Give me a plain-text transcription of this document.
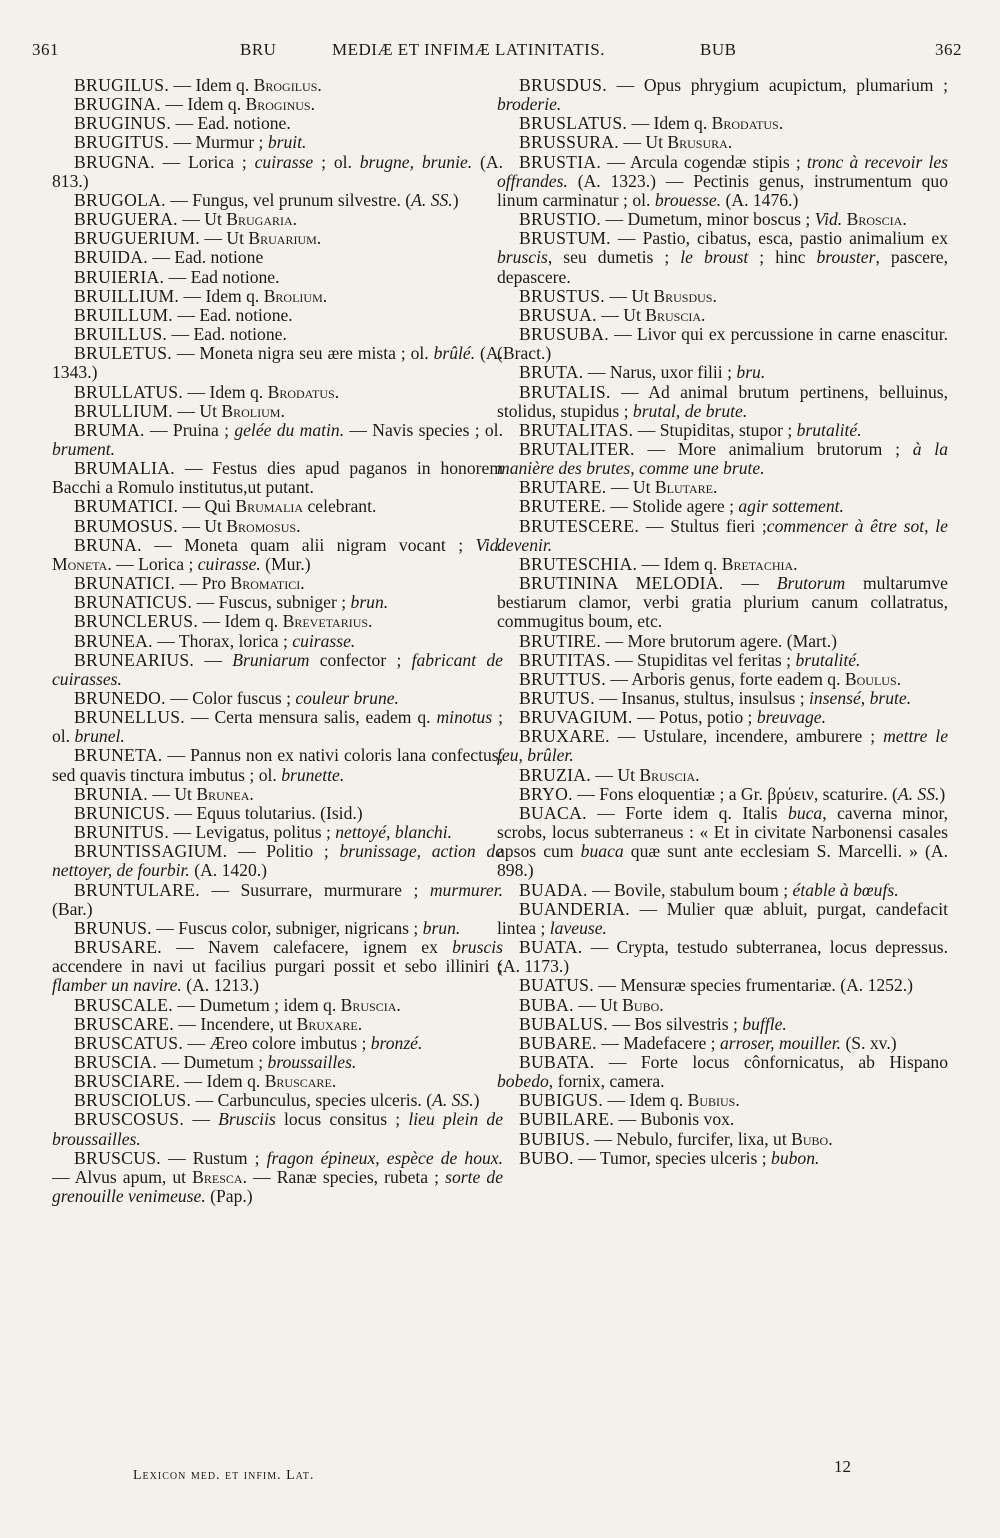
361	BRU	MEDIÆ ET INFIMÆ LATINITATIS.	BUB	362

BRUGILUS. — Idem q. Brogilus.

BRUGINA. — Idem q. Broginus.

BRUGINUS. — Ead. notione.

BRUGITUS. — Murmur ; bruit.

BRUGNA. — Lorica ; cuirasse ; ol. brugne, brunie. (A. 813.)

BRUGOLA. — Fungus, vel prunum silvestre. (A. SS.)

BRUGUERA. — Ut Brugaria.

BRUGUERIUM. — Ut Bruarium.

BRUIDA. — Ead. notione

BRUIERIA. — Ead notione.

BRUILLIUM. — Idem q. Brolium.

BRUILLUM. — Ead. notione.

BRUILLUS. — Ead. notione.

BRULETUS. — Moneta nigra seu ære mista ; ol. brûlé. (A. 1343.)

BRULLATUS. — Idem q. Brodatus.

BRULLIUM. — Ut Brolium.

BRUMA. — Pruina ; gelée du matin. — Navis species ; ol. brument.

BRUMALIA. — Festus dies apud paganos in honorem Bacchi a Romulo institutus,ut putant.

BRUMATICI. — Qui Brumalia celebrant.

BRUMOSUS. — Ut Bromosus.

BRUNA. — Moneta quam alii nigram vocant ; Vid. Moneta. — Lorica ; cuirasse. (Mur.)

BRUNATICI. — Pro Bromatici.

BRUNATICUS. — Fuscus, subniger ; brun.

BRUNCLERUS. — Idem q. Brevetarius.

BRUNEA. — Thorax, lorica ; cuirasse.

BRUNEARIUS. — Bruniarum confector ; fabricant de cuirasses.

BRUNEDO. — Color fuscus ; couleur brune.

BRUNELLUS. — Certa mensura salis, eadem q. minotus ; ol. brunel.

BRUNETA. — Pannus non ex nativi coloris lana confectus, sed quavis tinctura imbutus ; ol. brunette.

BRUNIA. — Ut Brunea.

BRUNICUS. — Equus tolutarius. (Isid.)

BRUNITUS. — Levigatus, politus ; nettoyé, blanchi.

BRUNTISSAGIUM. — Politio ; brunissage, action de nettoyer, de fourbir. (A. 1420.)

BRUNTULARE. — Susurrare, murmurare ; murmurer. (Bar.)

BRUNUS. — Fuscus color, subniger, nigricans ; brun.

BRUSARE. — Navem calefacere, ignem ex bruscis accendere in navi ut facilius purgari possit et sebo illiniri ; flamber un navire. (A. 1213.)

BRUSCALE. — Dumetum ; idem q. Bruscia.

BRUSCARE. — Incendere, ut Bruxare.

BRUSCATUS. — Æreo colore imbutus ; bronzé.

BRUSCIA. — Dumetum ; broussailles.

BRUSCIARE. — Idem q. Bruscare.

BRUSCIOLUS. — Carbunculus, species ulceris. (A. SS.)

BRUSCOSUS. — Brusciis locus consitus ; lieu plein de broussailles.

BRUSCUS. — Rustum ; fragon épineux, espèce de houx. — Alvus apum, ut Bresca. — Ranæ species, rubeta ; sorte de grenouille venimeuse. (Pap.)

BRUSDUS. — Opus phrygium acupictum, plumarium ; broderie.

BRUSLATUS. — Idem q. Brodatus.

BRUSSURA. — Ut Brusura.

BRUSTIA. — Arcula cogendæ stipis ; tronc à recevoir les offrandes. (A. 1323.) — Pectinis genus, instrumentum quo linum carminatur ; ol. brouesse. (A. 1476.)

BRUSTIO. — Dumetum, minor boscus ; Vid. Broscia.

BRUSTUM. — Pastio, cibatus, esca, pastio animalium ex bruscis, seu dumetis ; le broust ; hinc brouster, pascere, depascere.

BRUSTUS. — Ut Brusdus.

BRUSUA. — Ut Bruscia.

BRUSUBA. — Livor qui ex percussione in carne enascitur. (Bract.)

BRUTA. — Narus, uxor filii ; bru.

BRUTALIS. — Ad animal brutum pertinens, belluinus, stolidus, stupidus ; brutal, de brute.

BRUTALITAS. — Stupiditas, stupor ; brutalité.

BRUTALITER. — More animalium brutorum ; à la manière des brutes, comme une brute.

BRUTARE. — Ut Blutare.

BRUTERE. — Stolide agere ; agir sottement.

BRUTESCERE. — Stultus fieri ;commencer à être sot, le devenir.

BRUTESCHIA. — Idem q. Bretachia.

BRUTININA MELODIA. — Brutorum multarumve bestiarum clamor, verbi gratia plurium canum collatratus, commugitus boum, etc.

BRUTIRE. — More brutorum agere. (Mart.)

BRUTITAS. — Stupiditas vel feritas ; brutalité.

BRUTTUS. — Arboris genus, forte eadem q. Boulus.

BRUTUS. — Insanus, stultus, insulsus ; insensé, brute.

BRUVAGIUM. — Potus, potio ; breuvage.

BRUXARE. — Ustulare, incendere, amburere ; mettre le feu, brûler.

BRUZIA. — Ut Bruscia.

BRYO. — Fons eloquentiæ ; a Gr. βρύειν, scaturire. (A. SS.)

BUACA. — Forte idem q. Italis buca, caverna minor, scrobs, locus subterraneus : « Et in civitate Narbonensi casales apsos cum buaca quæ sunt ante ecclesiam S. Marcelli. » (A. 898.)

BUADA. — Bovile, stabulum boum ; étable à bœufs.

BUANDERIA. — Mulier quæ abluit, purgat, candefacit lintea ; laveuse.

BUATA. — Crypta, testudo subterranea, locus depressus. (A. 1173.)

BUATUS. — Mensuræ species frumentariæ. (A. 1252.)

BUBA. — Ut Bubo.

BUBALUS. — Bos silvestris ; buffle.

BUBARE. — Madefacere ; arroser, mouiller. (S. xv.)

BUBATA. — Forte locus cônfornicatus, ab Hispano bobedo, fornix, camera.

BUBIGUS. — Idem q. Bubius.

BUBILARE. — Bubonis vox.

BUBIUS. — Nebulo, furcifer, lixa, ut Bubo.

BUBO. — Tumor, species ulceris ; bubon.

Lexicon med. et infim. Lat.	12
